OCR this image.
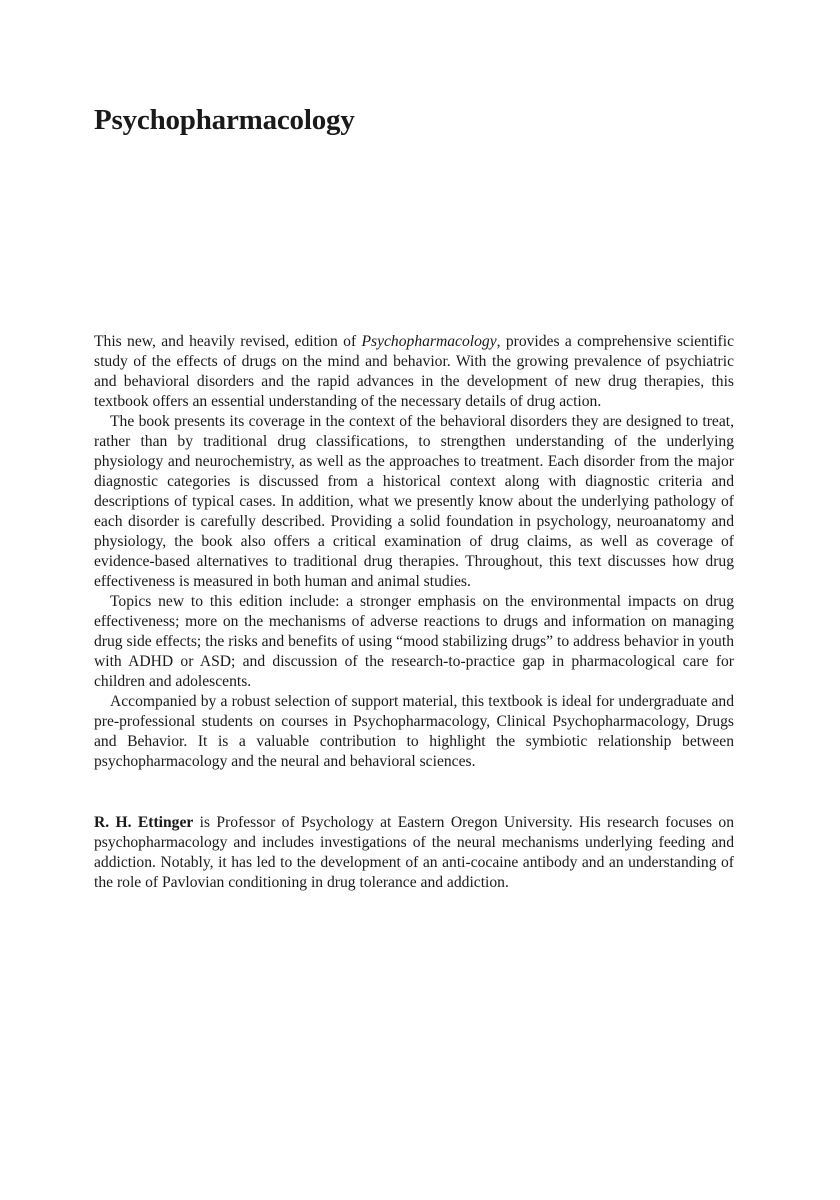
Psychopharmacology

This new, and heavily revised, edition of Psychopharmacology, provides a comprehensive scientific study of the effects of drugs on the mind and behavior. With the growing prevalence of psychiatric and behavioral disorders and the rapid advances in the development of new drug therapies, this textbook offers an essential understanding of the necessary details of drug action.

The book presents its coverage in the context of the behavioral disorders they are designed to treat, rather than by traditional drug classifications, to strengthen understanding of the underlying physiology and neurochemistry, as well as the approaches to treatment. Each disorder from the major diagnostic categories is discussed from a historical context along with diagnostic criteria and descriptions of typical cases. In addition, what we presently know about the underlying pathology of each disorder is carefully described. Providing a solid foundation in psychology, neuroanatomy and physiology, the book also offers a critical examination of drug claims, as well as coverage of evidence-based alternatives to traditional drug therapies. Throughout, this text discusses how drug effectiveness is measured in both human and animal studies.

Topics new to this edition include: a stronger emphasis on the environmental impacts on drug effectiveness; more on the mechanisms of adverse reactions to drugs and information on managing drug side effects; the risks and benefits of using “mood stabilizing drugs” to address behavior in youth with ADHD or ASD; and discussion of the research-to-practice gap in pharmacological care for children and adolescents.

Accompanied by a robust selection of support material, this textbook is ideal for undergraduate and pre-professional students on courses in Psychopharmacology, Clinical Psychopharmacology, Drugs and Behavior. It is a valuable contribution to highlight the symbiotic relationship between psychopharmacology and the neural and behavioral sciences.

R. H. Ettinger is Professor of Psychology at Eastern Oregon University. His research focuses on psychopharmacology and includes investigations of the neural mechanisms underlying feeding and addiction. Notably, it has led to the development of an anti-cocaine antibody and an understanding of the role of Pavlovian conditioning in drug tolerance and addiction.
